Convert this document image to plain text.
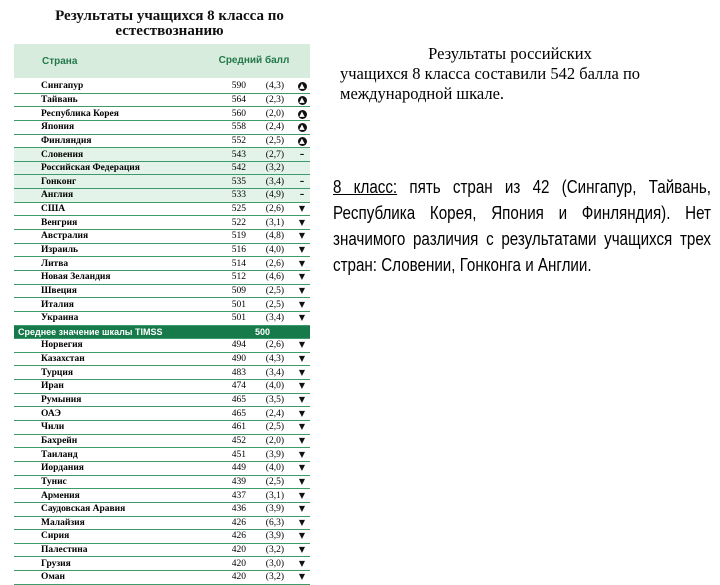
Результаты учащихся 8 класса по естествознанию
Страна	Средний балл	
Сингапур	590 (4,3)	▲
Тайвань	564 (2,3)	▲
Республика Корея	560 (2,0)	▲
Япония	558 (2,4)	▲
Финляндия	552 (2,5)	▲
Словения	543 (2,7)	–
Российская Федерация	542 (3,2)	
Гонконг	535 (3,4)	–
Англия	533 (4,9)	–
США	525 (2,6)	▼
Венгрия	522 (3,1)	▼
Австралия	519 (4,8)	▼
Израиль	516 (4,0)	▼
Литва	514 (2,6)	▼
Новая Зеландия	512 (4,6)	▼
Швеция	509 (2,5)	▼
Италия	501 (2,5)	▼
Украина	501 (3,4)	▼
Среднее значение шкалы TIMSS	500	
Норвегия	494 (2,6)	▼
Казахстан	490 (4,3)	▼
Турция	483 (3,4)	▼
Иран	474 (4,0)	▼
Румыния	465 (3,5)	▼
ОАЭ	465 (2,4)	▼
Чили	461 (2,5)	▼
Бахрейн	452 (2,0)	▼
Таиланд	451 (3,9)	▼
Иордания	449 (4,0)	▼
Тунис	439 (2,5)	▼
Армения	437 (3,1)	▼
Саудовская Аравия	436 (3,9)	▼
Малайзия	426 (6,3)	▼
Сирия	426 (3,9)	▼
Палестина	420 (3,2)	▼
Грузия	420 (3,0)	▼
Оман	420 (3,2)	▼
Результаты российских
учащихся 8 класса составили 542 балла по международной шкале.
8 класс: пять стран из 42 (Сингапур, Тайвань, Республика Корея, Япония и Финляндия). Нет значимого различия с результатами учащихся трех стран: Словении, Гонконга и Англии.
